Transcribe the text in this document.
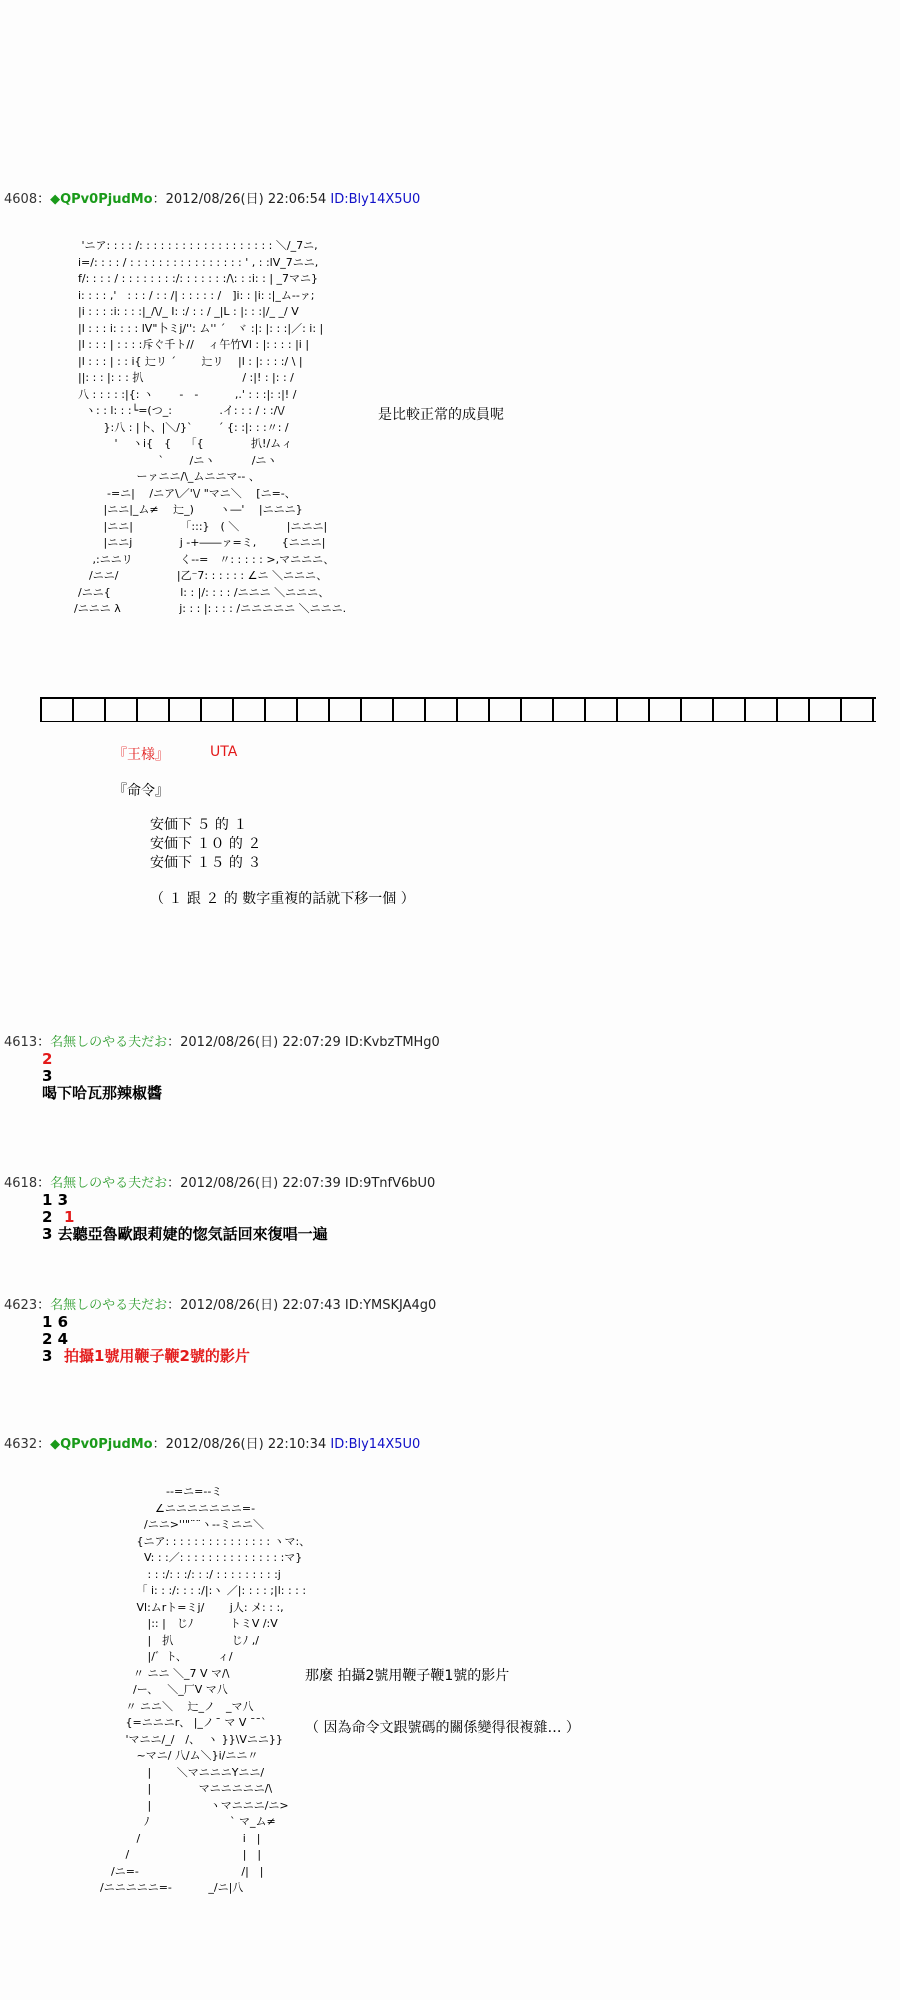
4608：◆QPv0PjudMo：2012/08/26(日) 22:06:54 ID:Bly14X5U0
　　　　'ニア: : : : /: : : : : : : : : : : : : : : : : : : ＼/_7ニ,
　　　　i=/: : : : / : : : : : : : : : : : : : : : : ' , : :lV_7ニニ,
　　　　f/: : : : / : : : : : : : :/: : : : : : :/\: : :i: : | _7マニ}
　　　　i: : : : ,'　: : : / : : /| : : : : : /　]i: : |i: :|_ム--ァ;
　　　　|i : : : :i: : : :|_/\/_ I: :/ : : / _|L : |: : :|/_ _/ V
　　　　|l : : : i: : : : lV"卜ミj/'': ム'' ´　ヾ :|: |: : :|／: i: |
　　　　|l : : : | : : : :斥ぐ千ト// 　ィ午竹Vl : |: : : : |i |
　　　　|l : : : | : : i{ 辷リ ´　　 辷リ　 |l : |: : : :/ \ |
　　　　||: : : |: : : 扒　　　　　　　　　/ :|! : |: : /
　　　　八 : : : : :|{: ヽ　　 -　-　　　 ,.' : : :|: :|! /
　　　 　 ヽ: : l: : :└=(つ_:　　　　 .イ: : : / : :/\/
　　　　　　 }:八 : |卜、|＼/}`　　 ´ {: :|: : :〃: /
　　　　　　　 '　 ヽi{　{　 「{　　　　 扒!/ムィ
　　　　　　　　　　　 `　　 /ニヽ　　　 /ニヽ
　　　　　　　　　 ーァニニ/\_ムニニマ-- 、
　　　　　　 -=ニ|　 /ニア\／'\/ "マニ＼　 [ニ=-、
　　　　　　 |ニニ|_ム≠　 辷_)　　 ヽ―'　 |ニニニ}
　　　　　　 |ニニ|　　　　 「:::}　( ＼　　　　 |ニニニ|
　　　　　　 |ニニj　　　　 j -+――ァ=ミ,　　 {ニニニ|
　　　　　 ,:ニニリ　　　　 く--=　〃: : : : : >,マニニニ、
　　　　　/ニニ/　　　　　 |乙⁻7: : : : : : ∠ニ ＼ニニニ、
　　　　/ニニ{　　　　　　 l: : |/: : : : /ニニニ ＼ニニニ、
　　　 /ニニニ λ　　　　　 j: : : |: : : : /ニニニニニ ＼ニニニ.
是比較正常的成員呢
『王様』	UTA
『命令』
安価下 ５ 的 １
安価下 １０ 的 ２
安価下 １５ 的 ３
（ １ 跟 ２ 的 數字重複的話就下移一個 ）
4613：名無しのやる夫だお：2012/08/26(日) 22:07:29 ID:KvbzTMHg0
2
3
喝下哈瓦那辣椒醬
4618：名無しのやる夫だお：2012/08/26(日) 22:07:39 ID:9TnfV6bU0
1 3
2 1
3 去聽亞魯歐跟莉婕的惚気話回來復唱一遍
4623：名無しのやる夫だお：2012/08/26(日) 22:07:43 ID:YMSKJA4g0
1 6
2 4
3 拍攝1號用鞭子鞭2號的影片
4632：◆QPv0PjudMo：2012/08/26(日) 22:10:34 ID:Bly14X5U0
　　　　　　　　　　　　--=ニ=--ミ
　　　　　　　　　　　∠ニニニニニニニ=-
　　　　　　　　　　/ニニ>''"¨¨ヽ--ミニニ＼
　　　　　　　　　 {ニア: : : : : : : : : : : : : : : ヽマ:、
　　　　　　　　　　V: : :／: : : : : : : : : : : : : : :マ}
　　　　　　　　　　 : : :/: : :/: : :/ : : : : : : : : :j
　　　　　　　　　 「 i: : :/: : : :/|:ヽ ／|: : : : ;|l: : : :
　　　　　　　　　 Vl:ムrト=ミj/　　 j人: メ: : :,
　　　　　　　　　　 |:: |　じﾉ　　　 トミV /:V
　　　　　　　　　　 |　扒　　　　　 じﾉ ,/
　　　　　　　　　　 |/゛ト、　　　 ィ/
　　　　　　　　　〃 ニニ ＼_7 V マ/\
　　　　　　　　　/ー、　 ＼_厂V マ八
　　　　　　　　 〃 ニニ＼　 辷_ノ　_マ八
　　　　　　　　 {=ニニニr、 |_ノ  ̄ マ V ¯¯`
　　　　　　　　 'マニニ/_/　/、  ヽ }}\Vニニ}}
　　　　　　　　　 ~マニ/ 八/ム＼}i/ニニ〃
　　　　　　　　　　 |　　 ＼マニニニYニニ/
　　　　　　　　　　 |　　　　 マニニニニニ/\
　　　　　　　　　　 |　　　　　 ヽマニニニ/ニ>
　　　　　　　　　　ﾉ　　　　　　　 ` マ_ム≠
　　　　　　　　　 /　　　　　　　　　 i　|
　　　　　　　　 /　　　　　　　　　　 |　|
　　　　　　　/ニ=-　　　　　　　　　 /|　|
　　　　　　/ニニニニニ=-　　　 _/ニ|八
那麼 拍攝2號用鞭子鞭1號的影片
（ 因為命令文跟號碼的關係變得很複雜… ）
